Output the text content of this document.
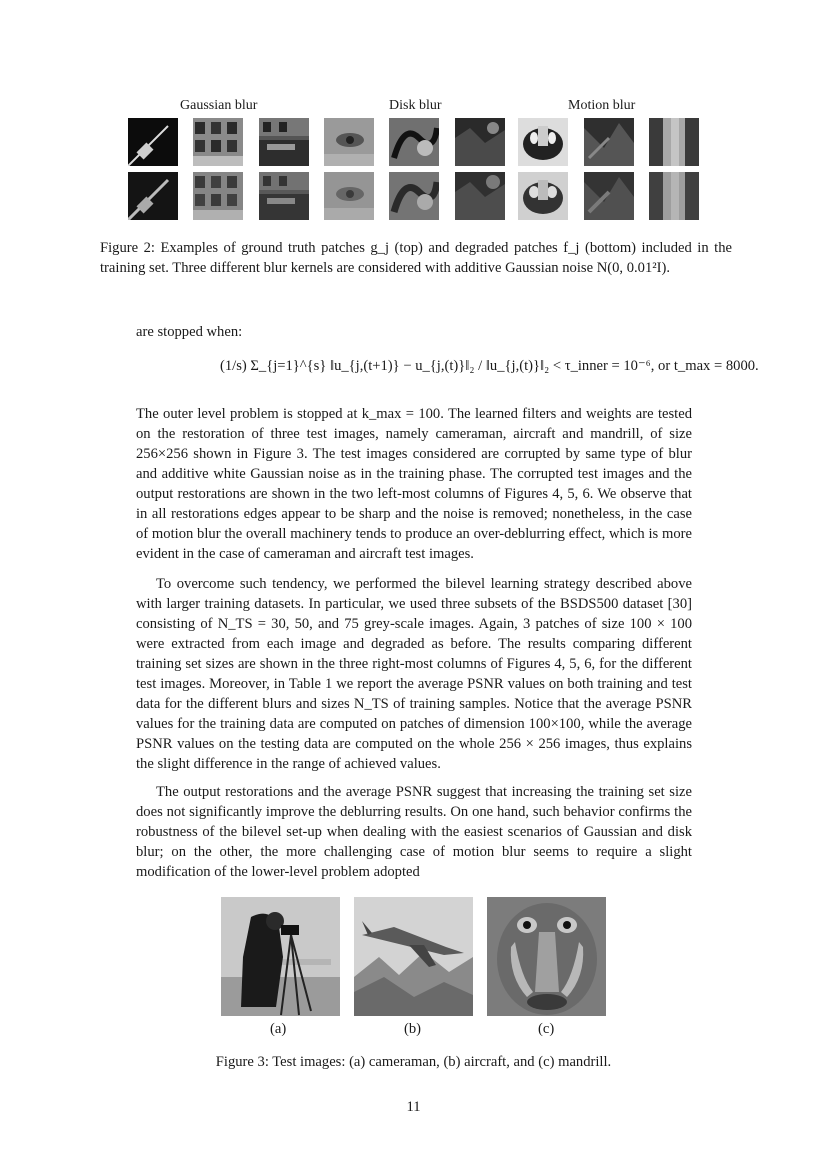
Gaussian blur	Disk blur	Motion blur
Figure 2: Examples of ground truth patches g_j (top) and degraded patches f_j (bottom) included in the training set. Three different blur kernels are considered with additive Gaussian noise N(0, 0.01²I).
are stopped when:
(1/s) Σ_{j=1}^{s} ‖u_{j,(t+1)} − u_{j,(t)}‖₂ / ‖u_{j,(t)}‖₂ < τ_inner = 10⁻⁶, or t_max = 8000.
The outer level problem is stopped at k_max = 100. The learned filters and weights are tested on the restoration of three test images, namely cameraman, aircraft and mandrill, of size 256×256 shown in Figure 3. The test images considered are corrupted by same type of blur and additive white Gaussian noise as in the training phase. The corrupted test images and the output restorations are shown in the two left-most columns of Figures 4, 5, 6. We observe that in all restorations edges appear to be sharp and the noise is removed; nonetheless, in the case of motion blur the overall machinery tends to produce an over-deblurring effect, which is more evident in the case of cameraman and aircraft test images.
To overcome such tendency, we performed the bilevel learning strategy described above with larger training datasets. In particular, we used three subsets of the BSDS500 dataset [30] consisting of N_TS = 30, 50, and 75 grey-scale images. Again, 3 patches of size 100 × 100 were extracted from each image and degraded as before. The results comparing different training set sizes are shown in the three right-most columns of Figures 4, 5, 6, for the different test images. Moreover, in Table 1 we report the average PSNR values on both training and test data for the different blurs and sizes N_TS of training samples. Notice that the average PSNR values for the training data are computed on patches of dimension 100×100, while the average PSNR values on the testing data are computed on the whole 256 × 256 images, thus explains the slight difference in the range of achieved values.
The output restorations and the average PSNR suggest that increasing the training set size does not significantly improve the deblurring results. On one hand, such behavior confirms the robustness of the bilevel set-up when dealing with the easiest scenarios of Gaussian and disk blur; on the other, the more challenging case of motion blur seems to require a slight modification of the lower-level problem adopted
(a)	(b)	(c)
Figure 3: Test images: (a) cameraman, (b) aircraft, and (c) mandrill.
11
